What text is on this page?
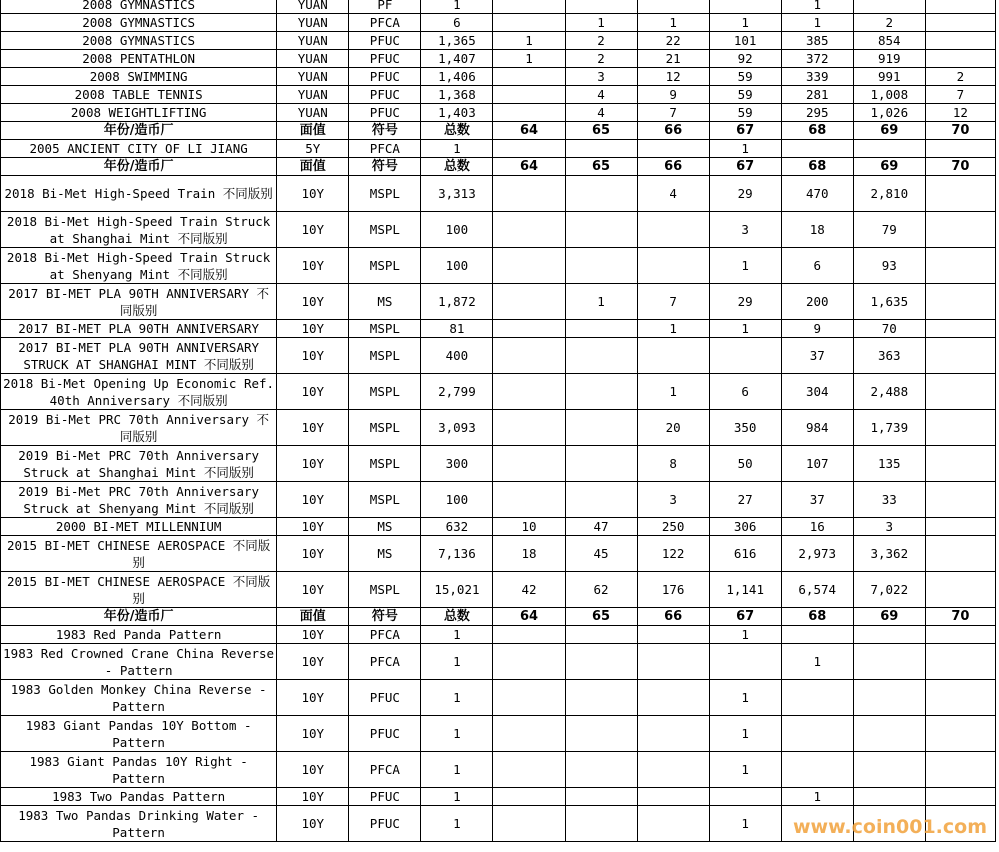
2008 GYMNASTICS	YUAN	PF	1					1		
2008 GYMNASTICS	YUAN	PFCA	6		1	1	1	1	2	
2008 GYMNASTICS	YUAN	PFUC	1,365	1	2	22	101	385	854	
2008 PENTATHLON	YUAN	PFUC	1,407	1	2	21	92	372	919	
2008 SWIMMING	YUAN	PFUC	1,406		3	12	59	339	991	2
2008 TABLE TENNIS	YUAN	PFUC	1,368		4	9	59	281	1,008	7
2008 WEIGHTLIFTING	YUAN	PFUC	1,403		4	7	59	295	1,026	12
年份/造币厂	面值	符号	总数	64	65	66	67	68	69	70
2005 ANCIENT CITY OF LI JIANG	5Y	PFCA	1				1			
年份/造币厂	面值	符号	总数	64	65	66	67	68	69	70
2018 Bi-Met High-Speed Train 不同版别	10Y	MSPL	3,313			4	29	470	2,810	
2018 Bi-Met High-Speed Train Struck at Shanghai Mint 不同版别	10Y	MSPL	100				3	18	79	
2018 Bi-Met High-Speed Train Struck at Shenyang Mint 不同版别	10Y	MSPL	100				1	6	93	
2017 BI-MET PLA 90TH ANNIVERSARY 不同版别	10Y	MS	1,872		1	7	29	200	1,635	
2017 BI-MET PLA 90TH ANNIVERSARY	10Y	MSPL	81			1	1	9	70	
2017 BI-MET PLA 90TH ANNIVERSARY STRUCK AT SHANGHAI MINT 不同版别	10Y	MSPL	400					37	363	
2018 Bi-Met Opening Up Economic Ref. 40th Anniversary 不同版别	10Y	MSPL	2,799			1	6	304	2,488	
2019 Bi-Met PRC 70th Anniversary 不同版别	10Y	MSPL	3,093			20	350	984	1,739	
2019 Bi-Met PRC 70th Anniversary Struck at Shanghai Mint 不同版别	10Y	MSPL	300			8	50	107	135	
2019 Bi-Met PRC 70th Anniversary Struck at Shenyang Mint 不同版别	10Y	MSPL	100			3	27	37	33	
2000 BI-MET MILLENNIUM	10Y	MS	632	10	47	250	306	16	3	
2015 BI-MET CHINESE AEROSPACE 不同版别	10Y	MS	7,136	18	45	122	616	2,973	3,362	
2015 BI-MET CHINESE AEROSPACE 不同版别	10Y	MSPL	15,021	42	62	176	1,141	6,574	7,022	
年份/造币厂	面值	符号	总数	64	65	66	67	68	69	70
1983 Red Panda Pattern	10Y	PFCA	1				1			
1983 Red Crowned Crane China Reverse - Pattern	10Y	PFCA	1					1		
1983 Golden Monkey China Reverse - Pattern	10Y	PFUC	1				1			
1983 Giant Pandas 10Y Bottom - Pattern	10Y	PFUC	1				1			
1983 Giant Pandas 10Y Right - Pattern	10Y	PFCA	1				1			
1983 Two Pandas Pattern	10Y	PFUC	1					1		
1983 Two Pandas Drinking Water - Pattern	10Y	PFUC	1				1			www.coin001.com
